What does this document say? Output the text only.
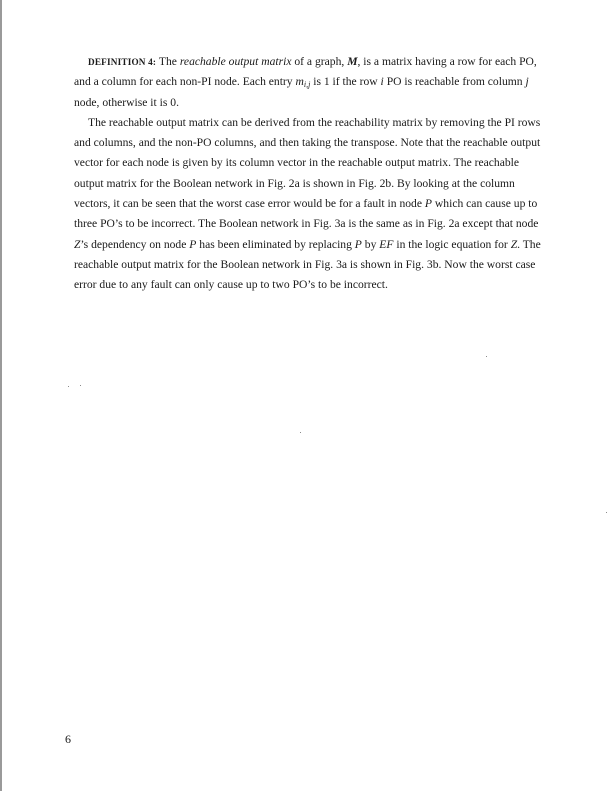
DEFINITION 4: The reachable output matrix of a graph, M, is a matrix having a row for each PO, and a column for each non-PI node. Each entry $m_{i,j}$ is 1 if the row i PO is reachable from column j node, otherwise it is 0.

The reachable output matrix can be derived from the reachability matrix by removing the PI rows and columns, and the non-PO columns, and then taking the transpose. Note that the reachable output vector for each node is given by its column vector in the reachable output matrix. The reachable output matrix for the Boolean network in Fig. 2a is shown in Fig. 2b. By looking at the column vectors, it can be seen that the worst case error would be for a fault in node P which can cause up to three PO’s to be incorrect. The Boolean network in Fig. 3a is the same as in Fig. 2a except that node Z’s dependency on node P has been eliminated by replacing P by EF in the logic equation for Z. The reachable output matrix for the Boolean network in Fig. 3a is shown in Fig. 3b. Now the worst case error due to any fault can only cause up to two PO’s to be incorrect.

6
